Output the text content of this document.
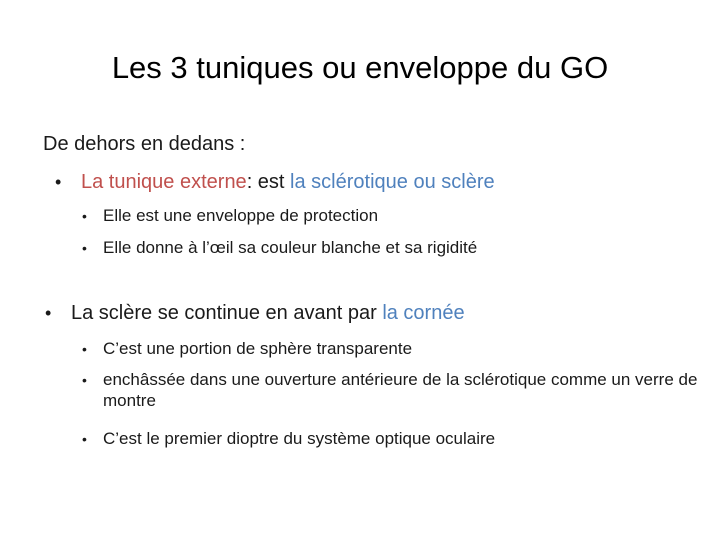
Les 3 tuniques ou enveloppe du GO
De dehors en dedans :
• La tunique externe: est la sclérotique ou sclère
• Elle est une enveloppe de protection
• Elle donne à l’œil sa couleur blanche et sa rigidité
• La sclère se continue en avant par la cornée
• C’est une portion de sphère transparente
• enchâssée dans une ouverture antérieure de la sclérotique comme un verre de montre
• C’est le premier dioptre du système optique oculaire
